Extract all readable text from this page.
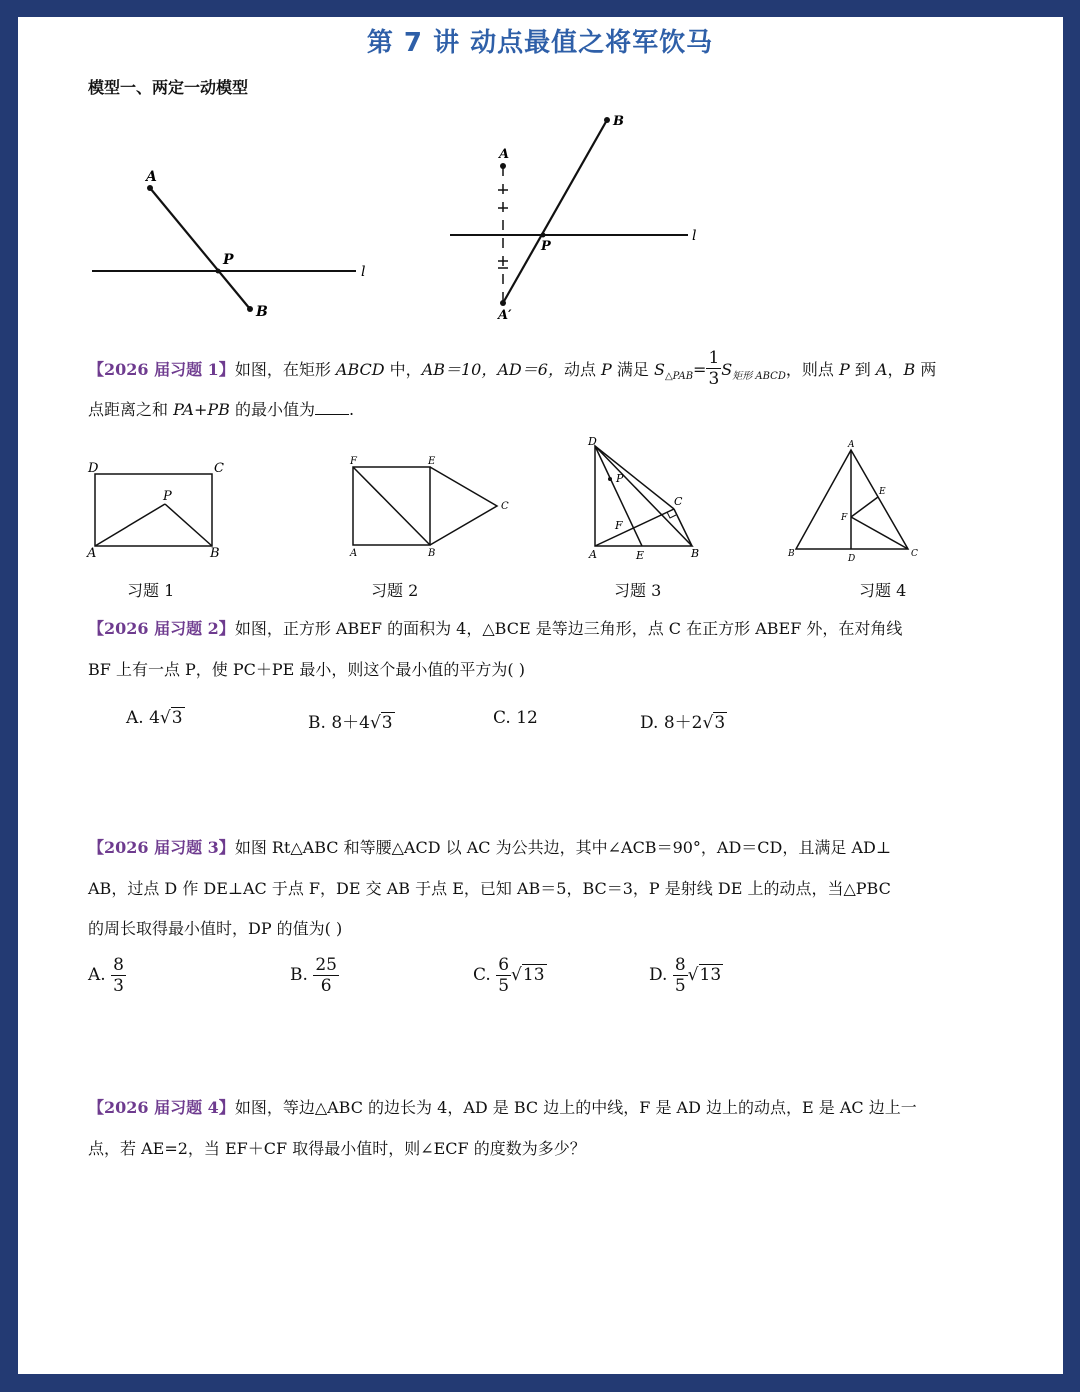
第 7 讲 动点最值之将军饮马
模型一、两定一动模型
A
P
B
l
B
A
P
A′
l
【2026 届习题 1】如图，在矩形 ABCD 中，AB＝10，AD＝6，动点 P 满足 $S_{\triangle PAB}= \frac{1}{3} S_{矩形 ABCD}$，则点 P 到 A，B 两
点距离之和 PA+PB 的最小值为 .
D	C
P
A	B
F	E
C
A	B
D
P
C
F
A	E	B
A
E
F
B	D	C
习题 1	习题 2	习题 3	习题 4
【2026 届习题 2】如图，正方形 ABEF 的面积为 4，△BCE 是等边三角形，点 C 在正方形 ABEF 外，在对角线
BF 上有一点 P，使 PC＋PE 最小，则这个最小值的平方为( )
A. 4√3	B. 8＋4√3	C. 12	D. 8＋2√3
【2026 届习题 3】如图 Rt△ABC 和等腰△ACD 以 AC 为公共边，其中∠ACB＝90°，AD＝CD，且满足 AD⊥
AB，过点 D 作 DE⊥AC 于点 F，DE 交 AB 于点 E，已知 AB＝5，BC＝3，P 是射线 DE 上的动点，当△PBC
的周长取得最小值时，DP 的值为( )
A. $\frac{8}{3}$	B. $\frac{25}{6}$	C. $\frac{6}{5} √13$	D. $\frac{8}{5} √13$
【2026 届习题 4】如图，等边△ABC 的边长为 4，AD 是 BC 边上的中线，F 是 AD 边上的动点，E 是 AC 边上一
点，若 AE=2，当 EF＋CF 取得最小值时，则∠ECF 的度数为多少？
